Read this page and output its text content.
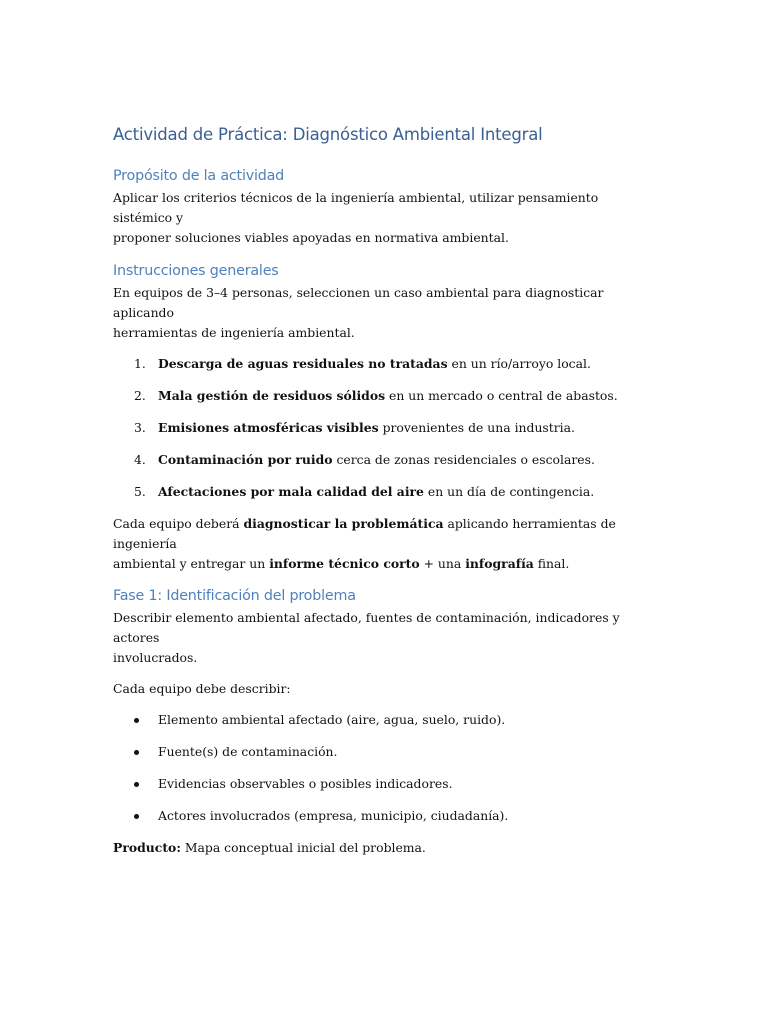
Actividad de Práctica: Diagnóstico Ambiental Integral
Propósito de la actividad

Aplicar los criterios técnicos de la ingeniería ambiental, utilizar pensamiento sistémico y
proponer soluciones viables apoyadas en normativa ambiental.

Instrucciones generales

En equipos de 3–4 personas, seleccionen un caso ambiental para diagnosticar aplicando
herramientas de ingeniería ambiental.

1. Descarga de aguas residuales no tratadas en un río/arroyo local.
2. Mala gestión de residuos sólidos en un mercado o central de abastos.
3. Emisiones atmosféricas visibles provenientes de una industria.
4. Contaminación por ruido cerca de zonas residenciales o escolares.
5. Afectaciones por mala calidad del aire en un día de contingencia.

Cada equipo deberá diagnosticar la problemática aplicando herramientas de ingeniería
ambiental y entregar un informe técnico corto + una infografía final.

Fase 1: Identificación del problema

Describir elemento ambiental afectado, fuentes de contaminación, indicadores y actores
involucrados.

Cada equipo debe describir:

Elemento ambiental afectado (aire, agua, suelo, ruido).
Fuente(s) de contaminación.
Evidencias observables o posibles indicadores.
Actores involucrados (empresa, municipio, ciudadanía).

Producto: Mapa conceptual inicial del problema.
